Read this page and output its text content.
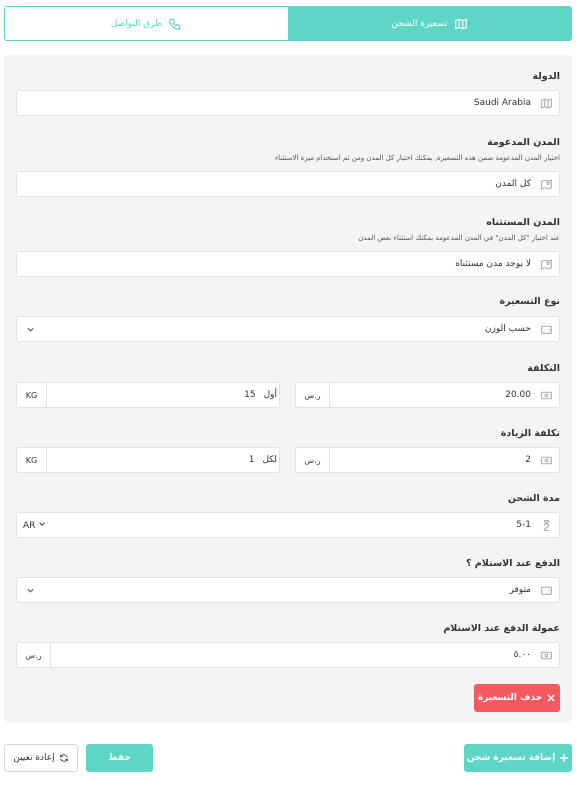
طرق التواصل	تسعيرة الشحن
الدولة
Saudi Arabia
المدن المدعومة
اختيار المدن المدعومة ضمن هذه التسعيرة, يمكنك اختيار كل المدن ومن ثم استخدام ميزة الاستثناء
كل المدن
المدن المستثناه
عند اختيار "كل المدن" في المدن المدعومة يمكنك استثناء بعض المدن
لا يوجد مدن مستثناه
نوع التسعيرة
حسب الوزن
التكلفة
20.00
ر.س
أول
15
KG
تكلفة الزيادة
2
ر.س
لكل
1
KG
مدة الشحن
5-1
AR
الدفع عند الاستلام ؟
متوفر
عمولة الدفع عند الاستلام
٥.٠٠
ر.س
حذف التسعيرة
إضافة تسعيرة شحن
حفظ
إعادة تعيين
